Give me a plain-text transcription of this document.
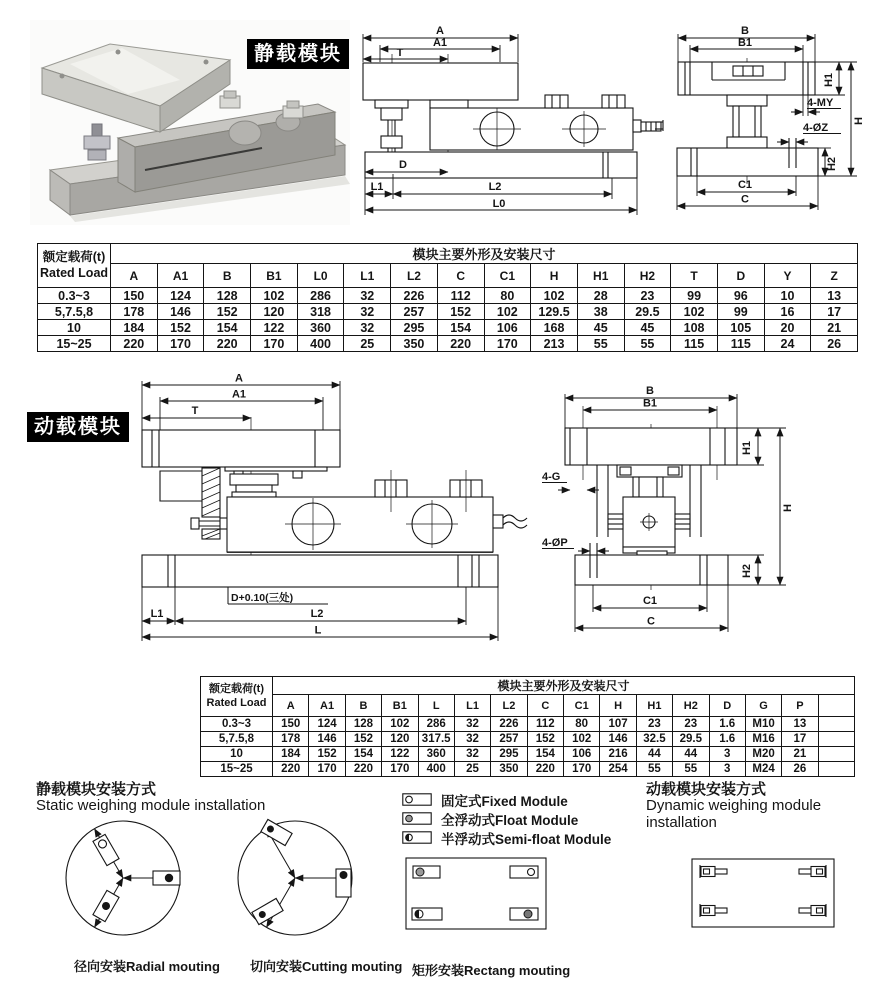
静载模块
动载模块
A
A1
T
D
L1	L2
L0
B
B1
H1
H
H2
4-MY
4-ØZ
C1
C
A
A1
T
D+0.10(三处)
L1	L2
L
B
B1
H1
H
H2
4-G
4-ØP
C1
C
额定载荷(t)
Rated Load	模块主要外形及安装尺寸															
	A	A1	B	B1	L0	L1	L2	C	C1	H	H1	H2	T	D	Y	Z
0.3~3	150	124	128	102	286	32	226	112	80	102	28	23	99	96	10	13
5,7.5,8	178	146	152	120	318	32	257	152	102	129.5	38	29.5	102	99	16	17
10	184	152	154	122	360	32	295	154	106	168	45	45	108	105	20	21
15~25	220	170	220	170	400	25	350	220	170	213	55	55	115	115	24	26
额定载荷(t)
Rated Load	模块主要外形及安装尺寸															
	A	A1	B	B1	L	L1	L2	C	C1	H	H1	H2	D	G	P	
0.3~3	150	124	128	102	286	32	226	112	80	107	23	23	1.6	M10	13	
5,7.5,8	178	146	152	120	317.5	32	257	152	102	146	32.5	29.5	1.6	M16	17	
10	184	152	154	122	360	32	295	154	106	216	44	44	3	M20	21	
15~25	220	170	220	170	400	25	350	220	170	254	55	55	3	M24	26	
静载模块安装方式
Static weighing module installation
动载模块安装方式
Dynamic weighing module installation
固定式Fixed Module
全浮动式Float Module
半浮动式Semi-float Module
径向安装Radial mouting 切向安装Cutting mouting 矩形安装Rectang mouting
